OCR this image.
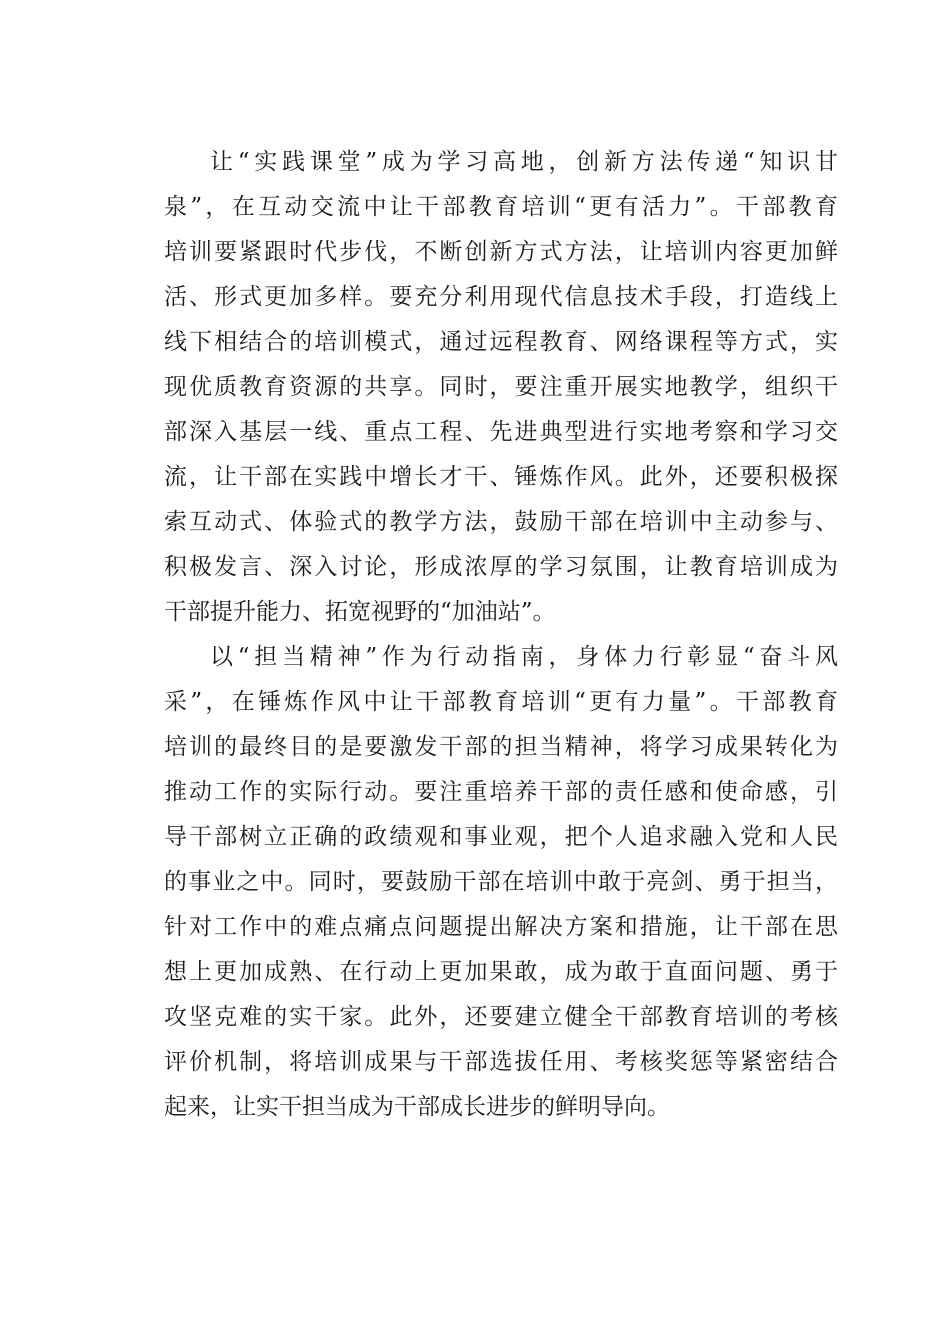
让“实践课堂”成为学习高地，创新方法传递“知识甘
泉”，在互动交流中让干部教育培训“更有活力”。干部教育
培训要紧跟时代步伐，不断创新方式方法，让培训内容更加鲜
活、形式更加多样。要充分利用现代信息技术手段，打造线上
线下相结合的培训模式，通过远程教育、网络课程等方式，实
现优质教育资源的共享。同时，要注重开展实地教学，组织干
部深入基层一线、重点工程、先进典型进行实地考察和学习交
流，让干部在实践中增长才干、锤炼作风。此外，还要积极探
索互动式、体验式的教学方法，鼓励干部在培训中主动参与、
积极发言、深入讨论，形成浓厚的学习氛围，让教育培训成为
干部提升能力、拓宽视野的“加油站”。
以“担当精神”作为行动指南，身体力行彰显“奋斗风
采”，在锤炼作风中让干部教育培训“更有力量”。干部教育
培训的最终目的是要激发干部的担当精神，将学习成果转化为
推动工作的实际行动。要注重培养干部的责任感和使命感，引
导干部树立正确的政绩观和事业观，把个人追求融入党和人民
的事业之中。同时，要鼓励干部在培训中敢于亮剑、勇于担当，
针对工作中的难点痛点问题提出解决方案和措施，让干部在思
想上更加成熟、在行动上更加果敢，成为敢于直面问题、勇于
攻坚克难的实干家。此外，还要建立健全干部教育培训的考核
评价机制，将培训成果与干部选拔任用、考核奖惩等紧密结合
起来，让实干担当成为干部成长进步的鲜明导向。
